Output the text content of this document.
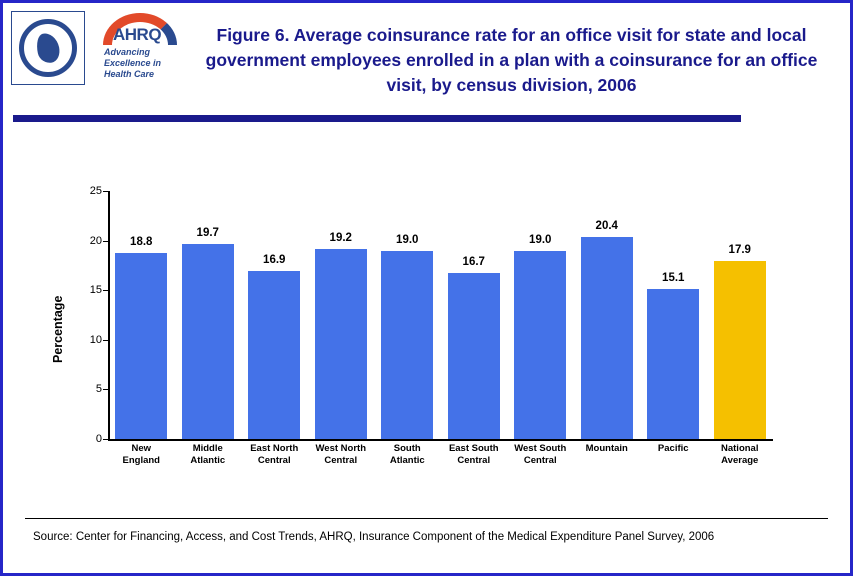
AHRQ
Advancing
Excellence in
Health Care
Figure 6. Average coinsurance rate for an office visit for state and local government employees enrolled in a plan with a coinsurance for an office visit, by census division, 2006
Percentage
0
5
10
15
20
25
18.8
19.7
16.9
19.2	19.0
16.7
19.0
20.4
15.1
17.9
New
England
Middle
Atlantic
East North
Central
West North
Central
South
Atlantic
East South
Central
West South
Central
Mountain	Pacific	National
Average
Source: Center for Financing, Access, and Cost Trends, AHRQ, Insurance Component of the Medical Expenditure Panel Survey, 2006
